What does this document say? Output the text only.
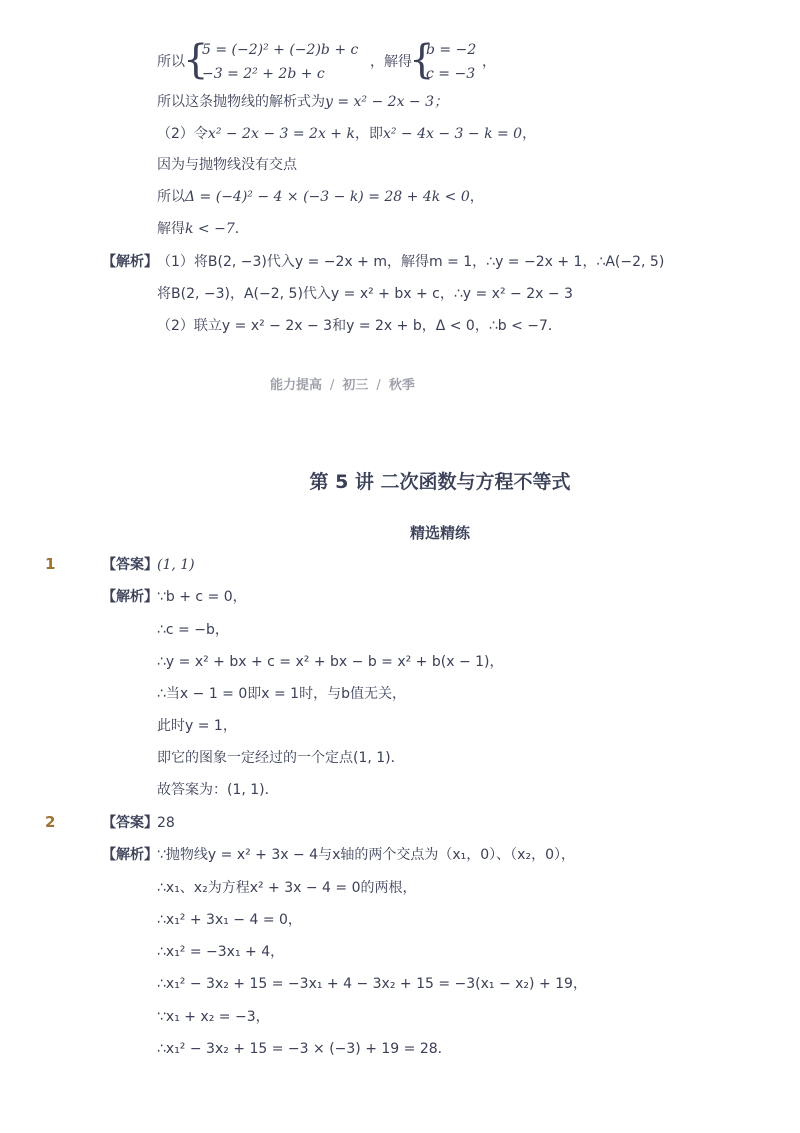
所以
{
5 = (−2)² + (−2)b + c
−3 = 2² + 2b + c
，解得
{
b = −2
c = −3
，
所以这条抛物线的解析式为y = x² − 2x − 3；
（2）令x² − 2x − 3 = 2x + k，即x² − 4x − 3 − k = 0，
因为与抛物线没有交点
所以Δ = (−4)² − 4 × (−3 − k) = 28 + 4k < 0，
解得k < −7．
【解析】 （1）将B(2, −3)代入y = −2x + m，解得m = 1，∴y = −2x + 1，∴A(−2, 5)
将B(2, −3)，A(−2, 5)代入y = x² + bx + c，∴y = x² − 2x − 3
（2）联立y = x² − 2x − 3和y = 2x + b，Δ < 0，∴b < −7．
能力提高 / 初三 / 秋季
第 5 讲 二次函数与方程不等式
精选精练
1	【答案】 (1, 1)
【解析】 ∵b + c = 0，
∴c = −b，
∴y = x² + bx + c = x² + bx − b = x² + b(x − 1)，
∴当x − 1 = 0即x = 1时，与b值无关，
此时y = 1，
即它的图象一定经过的一个定点(1, 1)．
故答案为：(1, 1)．
2	【答案】 28
【解析】 ∵抛物线y = x² + 3x − 4与x轴的两个交点为（x₁，0）、（x₂，0），
∴x₁、x₂为方程x² + 3x − 4 = 0的两根，
∴x₁² + 3x₁ − 4 = 0，
∴x₁² = −3x₁ + 4，
∴x₁² − 3x₂ + 15 = −3x₁ + 4 − 3x₂ + 15 = −3(x₁ − x₂) + 19，
∵x₁ + x₂ = −3，
∴x₁² − 3x₂ + 15 = −3 × (−3) + 19 = 28．
